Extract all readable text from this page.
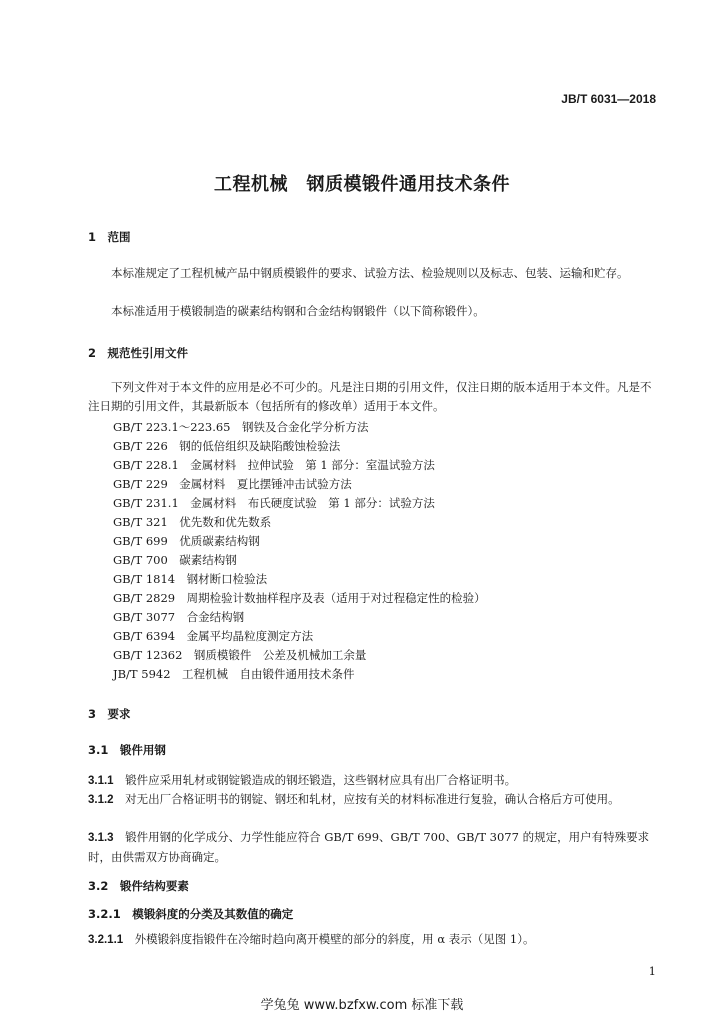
JB/T 6031—2018
工程机械　钢质模锻件通用技术条件
1　范围
本标准规定了工程机械产品中钢质模锻件的要求、试验方法、检验规则以及标志、包装、运输和贮存。
本标准适用于模锻制造的碳素结构钢和合金结构钢锻件（以下简称锻件）。
2　规范性引用文件
下列文件对于本文件的应用是必不可少的。凡是注日期的引用文件，仅注日期的版本适用于本文件。凡是不注日期的引用文件，其最新版本（包括所有的修改单）适用于本文件。
GB/T 223.1～223.65　钢铁及合金化学分析方法
GB/T 226　钢的低倍组织及缺陷酸蚀检验法
GB/T 228.1　金属材料　拉伸试验　第 1 部分：室温试验方法
GB/T 229　金属材料　夏比摆锤冲击试验方法
GB/T 231.1　金属材料　布氏硬度试验　第 1 部分：试验方法
GB/T 321　优先数和优先数系
GB/T 699　优质碳素结构钢
GB/T 700　碳素结构钢
GB/T 1814　钢材断口检验法
GB/T 2829　周期检验计数抽样程序及表（适用于对过程稳定性的检验）
GB/T 3077　合金结构钢
GB/T 6394　金属平均晶粒度测定方法
GB/T 12362　钢质模锻件　公差及机械加工余量
JB/T 5942　工程机械　自由锻件通用技术条件
3　要求
3.1　锻件用钢
3.1.1　 锻件应采用轧材或钢锭锻造成的钢坯锻造，这些钢材应具有出厂合格证明书。
3.1.2　 对无出厂合格证明书的钢锭、钢坯和轧材，应按有关的材料标准进行复验，确认合格后方可使用。
3.1.3　 锻件用钢的化学成分、力学性能应符合 GB/T 699、GB/T 700、GB/T 3077 的规定，用户有特殊要求时，由供需双方协商确定。
3.2　锻件结构要素
3.2.1　模锻斜度的分类及其数值的确定
3.2.1.1　 外模锻斜度指锻件在冷缩时趋向离开模壁的部分的斜度，用 α 表示（见图 1）。
1
学兔兔 www.bzfxw.com 标准下载
